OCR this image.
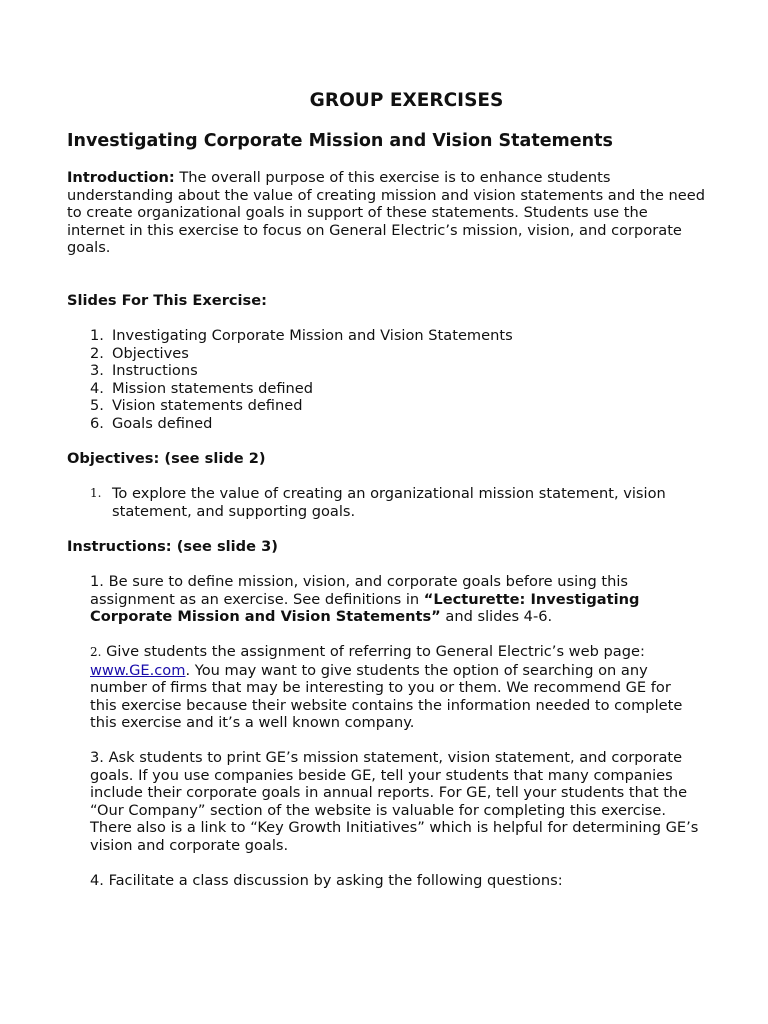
GROUP EXERCISES
Investigating Corporate Mission and Vision Statements

Introduction: The overall purpose of this exercise is to enhance students understanding about the value of creating mission and vision statements and the need to create organizational goals in support of these statements. Students use the internet in this exercise to focus on General Electric’s mission, vision, and corporate goals.

Slides For This Exercise:
1. Investigating Corporate Mission and Vision Statements
2. Objectives
3. Instructions
4. Mission statements defined
5. Vision statements defined
6. Goals defined
Objectives: (see slide 2)
1. To explore the value of creating an organizational mission statement, vision statement, and supporting goals.
Instructions: (see slide 3)

1. Be sure to define mission, vision, and corporate goals before using this assignment as an exercise. See definitions in “Lecturette: Investigating Corporate Mission and Vision Statements” and slides 4-6.

2. Give students the assignment of referring to General Electric’s web page: www.GE.com. You may want to give students the option of searching on any number of firms that may be interesting to you or them. We recommend GE for this exercise because their website contains the information needed to complete this exercise and it’s a well known company.

3. Ask students to print GE’s mission statement, vision statement, and corporate goals. If you use companies beside GE, tell your students that many companies include their corporate goals in annual reports. For GE, tell your students that the “Our Company” section of the website is valuable for completing this exercise. There also is a link to “Key Growth Initiatives” which is helpful for determining GE’s vision and corporate goals.

4. Facilitate a class discussion by asking the following questions:
